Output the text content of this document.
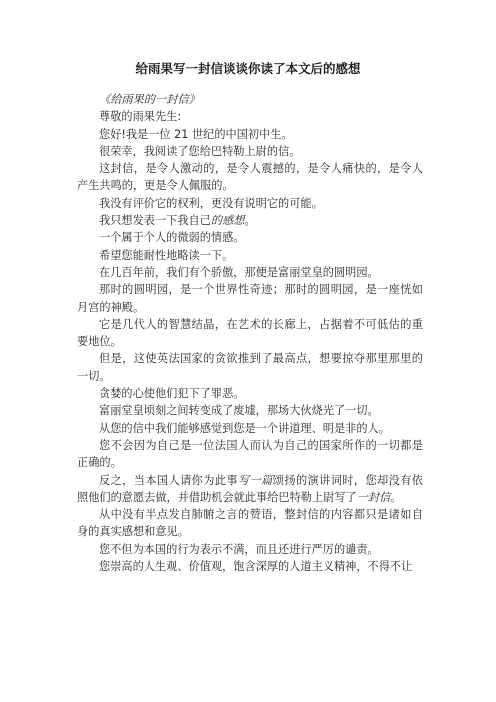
给雨果写一封信谈谈你读了本文后的感想

《给雨果的一封信》

尊敬的雨果先生:

您好!我是一位 21 世纪的中国初中生。

很荣幸，我阅读了您给巴特勒上尉的信。

这封信，是令人激动的，是令人震撼的，是令人痛快的，是令人产生共鸣的，更是令人佩服的。

我没有评价它的权利，更没有说明它的可能。

我只想发表一下我自己的感想。

一个属于个人的微弱的情感。

希望您能耐性地略读一下。

在几百年前，我们有个骄傲，那便是富丽堂皇的圆明园。

那时的圆明园，是一个世界性奇迹；那时的圆明园，是一座恍如月宫的神殿。

它是几代人的智慧结晶，在艺术的长廊上，占据着不可低估的重要地位。

但是，这使英法国家的贪欲推到了最高点，想要掠夺那里那里的一切。

贪婪的心使他们犯下了罪恶。

富丽堂皇顷刻之间转变成了废墟，那场大伙烧光了一切。

从您的信中我们能够感觉到您是一个讲道理、明是非的人。

您不会因为自己是一位法国人而认为自己的国家所作的一切都是正确的。

反之，当本国人请你为此事写一篇颂扬的演讲词时，您却没有依照他们的意愿去做，并借助机会就此事给巴特勒上尉写了一封信。

从中没有半点发自肺腑之言的赞语，整封信的内容都只是诸如自身的真实感想和意见。

您不但为本国的行为表示不满，而且还进行严厉的谴责。

您崇高的人生观、价值观，饱含深厚的人道主义精神，不得不让
